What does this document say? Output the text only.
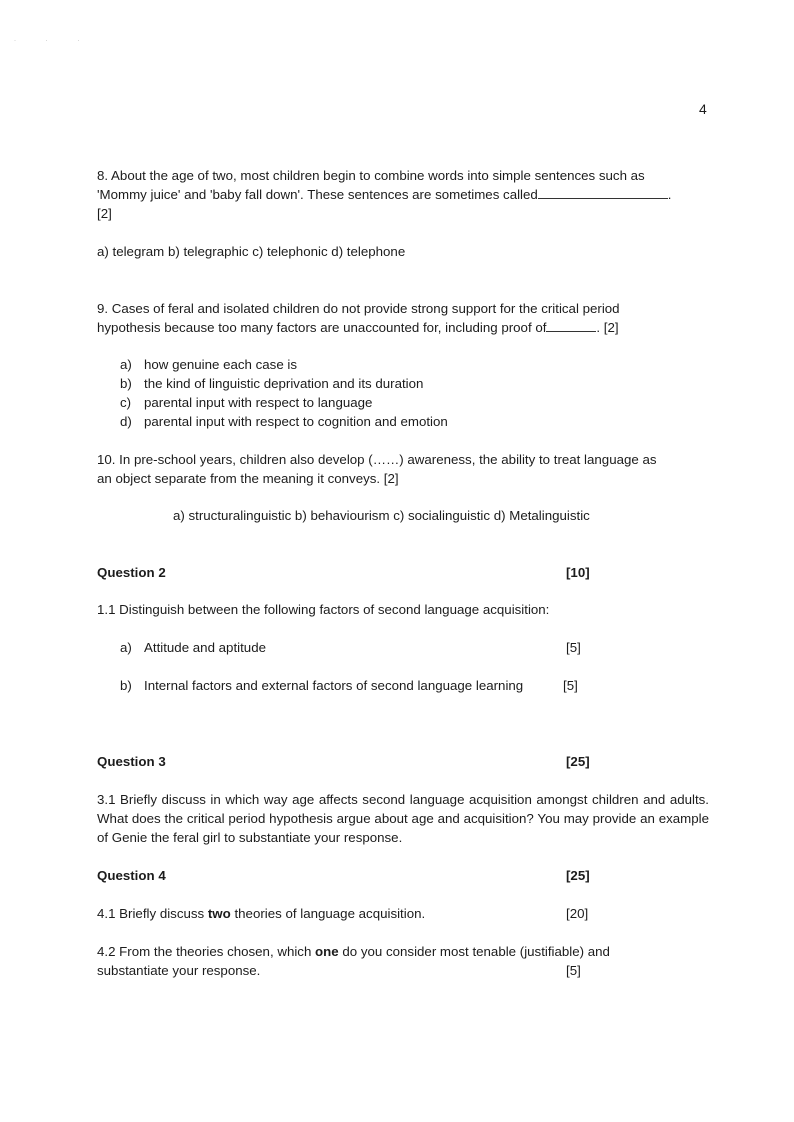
· · ·
4
8. About the age of two, most children begin to combine words into simple sentences such as
'Mommy juice' and 'baby fall down'. These sentences are sometimes called	.
[2]
a) telegram b) telegraphic c) telephonic d) telephone
9. Cases of feral and isolated children do not provide strong support for the critical period
hypothesis because too many factors are unaccounted for, including proof of	. [2]
a) how genuine each case is
b) the kind of linguistic deprivation and its duration
c) parental input with respect to language
d) parental input with respect to cognition and emotion
10. In pre-school years, children also develop (……) awareness, the ability to treat language as
an object separate from the meaning it conveys. [2]
a) structuralinguistic b) behaviourism c) socialinguistic d) Metalinguistic
Question 2	[10]
1.1 Distinguish between the following factors of second language acquisition:
a) Attitude and aptitude	[5]
b) Internal factors and external factors of second language learning	[5]
Question 3	[25]
3.1 Briefly discuss in which way age affects second language acquisition amongst children and adults. What does the critical period hypothesis argue about age and acquisition? You may provide an example of Genie the feral girl to substantiate your response.
Question 4	[25]
4.1 Briefly discuss two theories of language acquisition.	[20]
4.2 From the theories chosen, which one do you consider most tenable (justifiable) and
substantiate your response.	[5]
